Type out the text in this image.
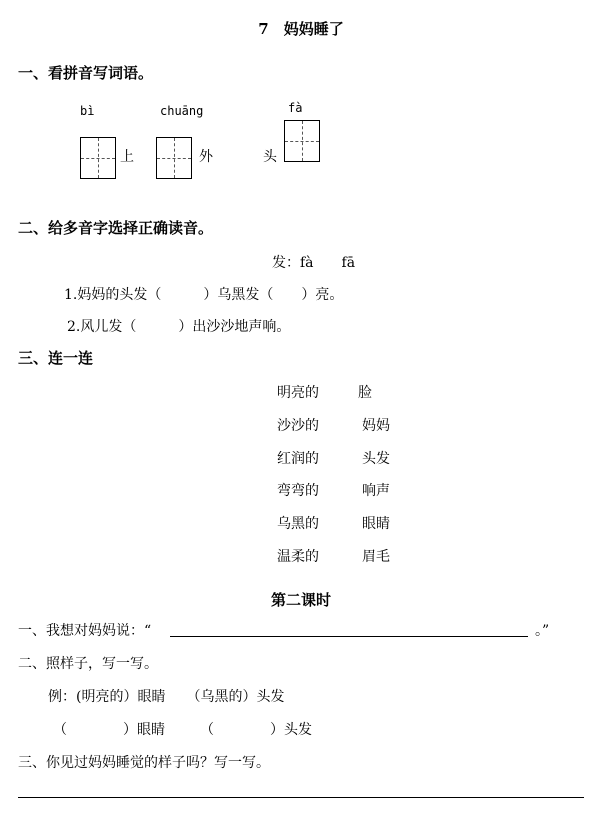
7　妈妈睡了
一、看拼音写词语。
bì
上
chuāng
外
fà
头
二、给多音字选择正确读音。
发：fà　　fā
1.妈妈的头发（　　　）乌黑发（　　）亮。
2.风儿发（　　　）出沙沙地声响。
三、连一连
明亮的
沙沙的
红润的
弯弯的
乌黑的
温柔的
脸
妈妈
头发
响声
眼睛
眉毛
第二课时
一、我想对妈妈说：“	。”
二、照样子，写一写。
例：(明亮的）眼睛　　（乌黑的）头发
（　　　　）眼睛　　　（　　　　）头发
三、你见过妈妈睡觉的样子吗？写一写。
